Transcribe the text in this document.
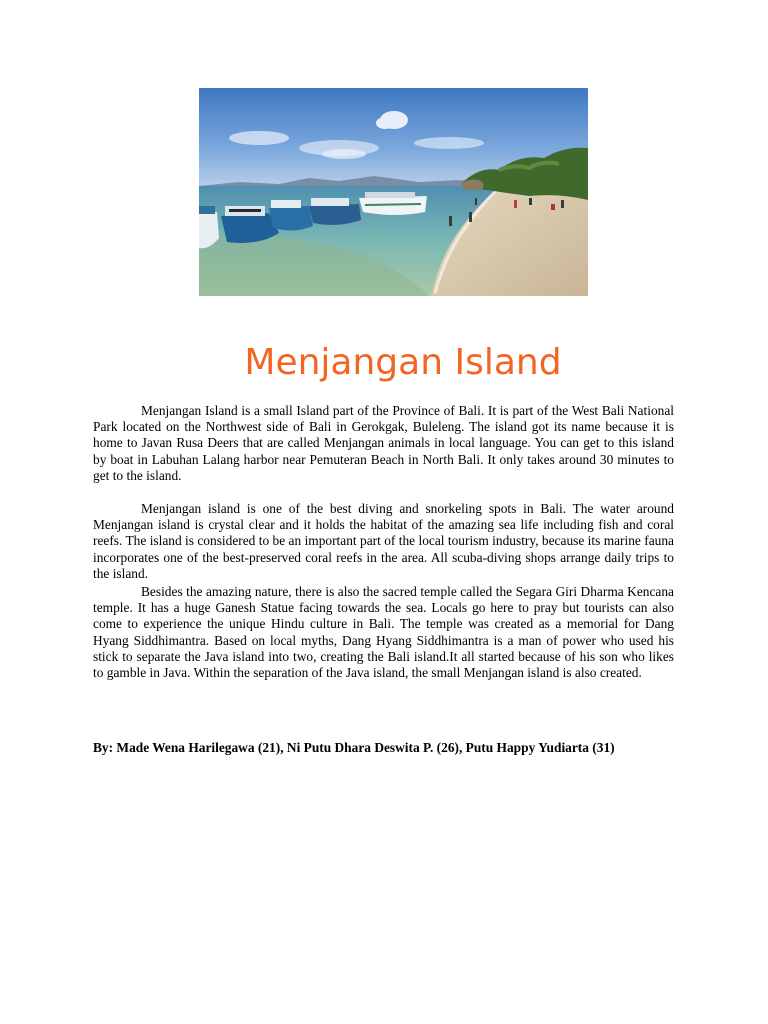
Menjangan Island

Menjangan Island is a small Island part of the Province of Bali. It is part of the West Bali National Park located on the Northwest side of Bali in Gerokgak, Buleleng. The island got its name because it is home to Javan Rusa Deers that are called Menjangan animals in local language. You can get to this island by boat in Labuhan Lalang harbor near Pemuteran Beach in North Bali. It only takes around 30 minutes to get to the island.

Menjangan island is one of the best diving and snorkeling spots in Bali. The water around Menjangan island is crystal clear and it holds the habitat of the amazing sea life including fish and coral reefs. The island is considered to be an important part of the local tourism industry, because its marine fauna incorporates one of the best-preserved coral reefs in the area. All scuba-diving shops arrange daily trips to the island.

Besides the amazing nature, there is also the sacred temple called the Segara Giri Dharma Kencana temple. It has a huge Ganesh Statue facing towards the sea. Locals go here to pray but tourists can also come to experience the unique Hindu culture in Bali. The temple was created as a memorial for Dang Hyang Siddhimantra. Based on local myths, Dang Hyang Siddhimantra is a man of power who used his stick to separate the Java island into two, creating the Bali island.It all started because of his son who likes to gamble in Java. Within the separation of the Java island, the small Menjangan island is also created.

By: Made Wena Harilegawa (21), Ni Putu Dhara Deswita P. (26), Putu Happy Yudiarta (31)
